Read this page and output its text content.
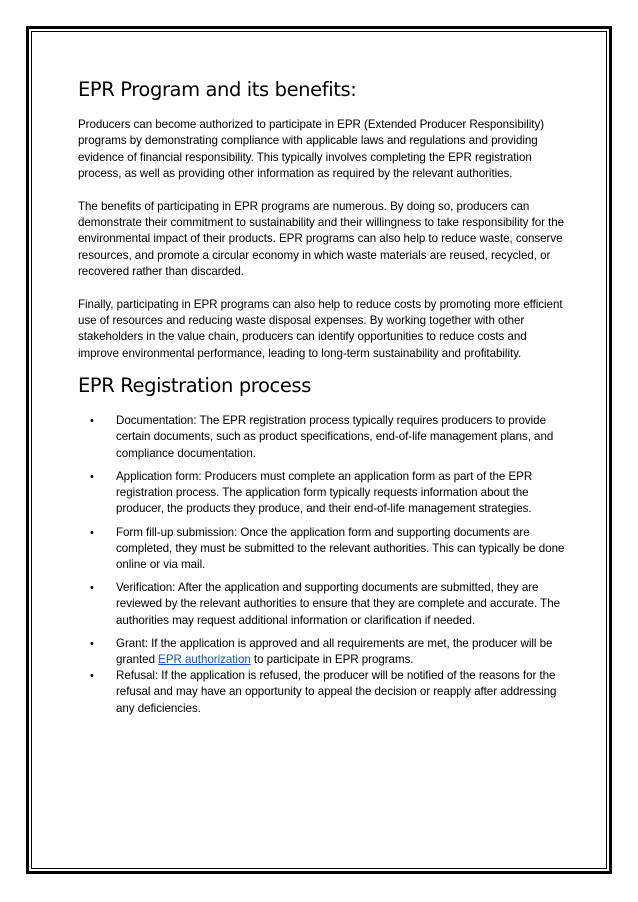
EPR Program and its benefits:

Producers can become authorized to participate in EPR (Extended Producer Responsibility) programs by demonstrating compliance with applicable laws and regulations and providing evidence of financial responsibility. This typically involves completing the EPR registration process, as well as providing other information as required by the relevant authorities.

The benefits of participating in EPR programs are numerous. By doing so, producers can demonstrate their commitment to sustainability and their willingness to take responsibility for the environmental impact of their products. EPR programs can also help to reduce waste, conserve resources, and promote a circular economy in which waste materials are reused, recycled, or recovered rather than discarded.

Finally, participating in EPR programs can also help to reduce costs by promoting more efficient use of resources and reducing waste disposal expenses. By working together with other stakeholders in the value chain, producers can identify opportunities to reduce costs and improve environmental performance, leading to long-term sustainability and profitability.

EPR Registration process
• Documentation: The EPR registration process typically requires producers to provide certain documents, such as product specifications, end-of-life management plans, and compliance documentation.
• Application form: Producers must complete an application form as part of the EPR registration process. The application form typically requests information about the producer, the products they produce, and their end-of-life management strategies.
• Form fill-up submission: Once the application form and supporting documents are completed, they must be submitted to the relevant authorities. This can typically be done online or via mail.
• Verification: After the application and supporting documents are submitted, they are reviewed by the relevant authorities to ensure that they are complete and accurate. The authorities may request additional information or clarification if needed.
• Grant: If the application is approved and all requirements are met, the producer will be granted EPR authorization to participate in EPR programs.
• Refusal: If the application is refused, the producer will be notified of the reasons for the refusal and may have an opportunity to appeal the decision or reapply after addressing any deficiencies.
